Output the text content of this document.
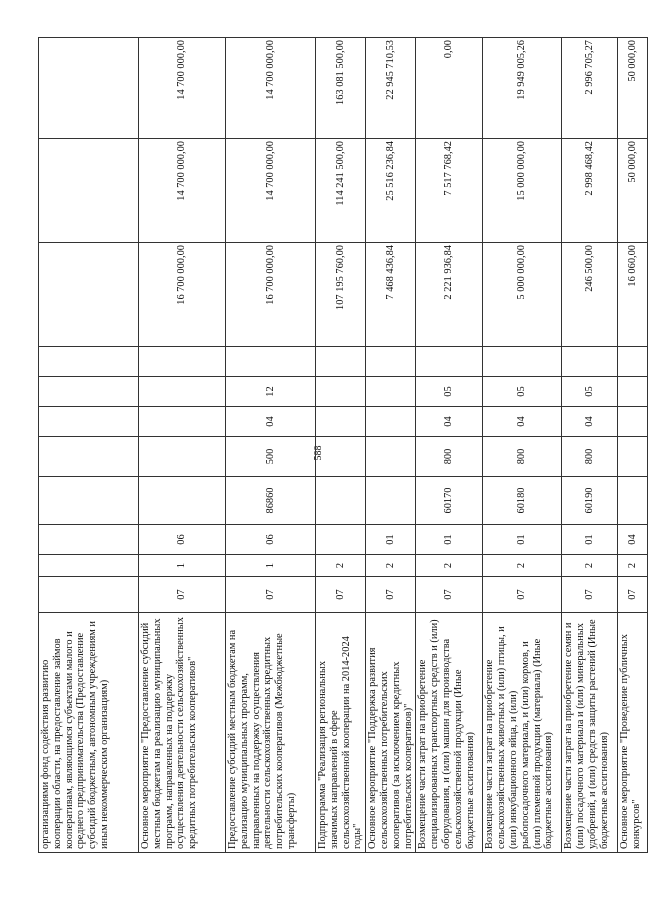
588
организациями фонд содействия развитию кооперации области, на предоставление займов кооперативам, являющимся субъектами малого и среднего предпринимательства (Предоставление субсидий бюджетным, автономным учреждениям и иным некоммерческим организациям)											
Основное мероприятие "Предоставление субсидий местным бюджетам на реализацию муниципальных программ, направленных на поддержку осуществления деятельности сельскохозяйственных кредитных потребительских кооперативов"	07	1	06						16 700 000,00	14 700 000,00	14 700 000,00
Предоставление субсидий местным бюджетам на реализацию муниципальных программ, направленных на поддержку осуществления деятельности сельскохозяйственных кредитных потребительских кооперативов (Межбюджетные трансферты)	07	1	06	86860	500	04	12		16 700 000,00	14 700 000,00	14 700 000,00
Подпрограмма "Реализация региональных значимых направлений в сфере сельскохозяйственной кооперации на 2014-2024 годы"	07	2							107 195 760,00	114 241 500,00	163 081 500,00
Основное мероприятие "Поддержка развития сельскохозяйственных потребительских кооперативов (за исключением кредитных потребительских кооперативов)"	07	2	01						7 468 436,84	25 516 236,84	22 945 710,53
Возмещение части затрат на приобретение специализированных транспортных средств и (или) оборудования, и (или) машин для производства сельскохозяйственной продукции (Иные бюджетные ассигнования)	07	2	01	60170	800	04	05		2 221 936,84	7 517 768,42	0,00
Возмещение части затрат на приобретение сельскохозяйственных животных и (или) птицы, и (или) инкубационного яйца, и (или) рыбопосадочного материала, и (или) кормов, и (или) племенной продукции (материала) (Иные бюджетные ассигнования)	07	2	01	60180	800	04	05		5 000 000,00	15 000 000,00	19 949 005,26
Возмещение части затрат на приобретение семян и (или) посадочного материала и (или) минеральных удобрений, и (или) средств защиты растений (Иные бюджетные ассигнования)	07	2	01	60190	800	04	05		246 500,00	2 998 468,42	2 996 705,27
Основное мероприятие "Проведение публичных конкурсов"	07	2	04						16 060,00	50 000,00	50 000,00
